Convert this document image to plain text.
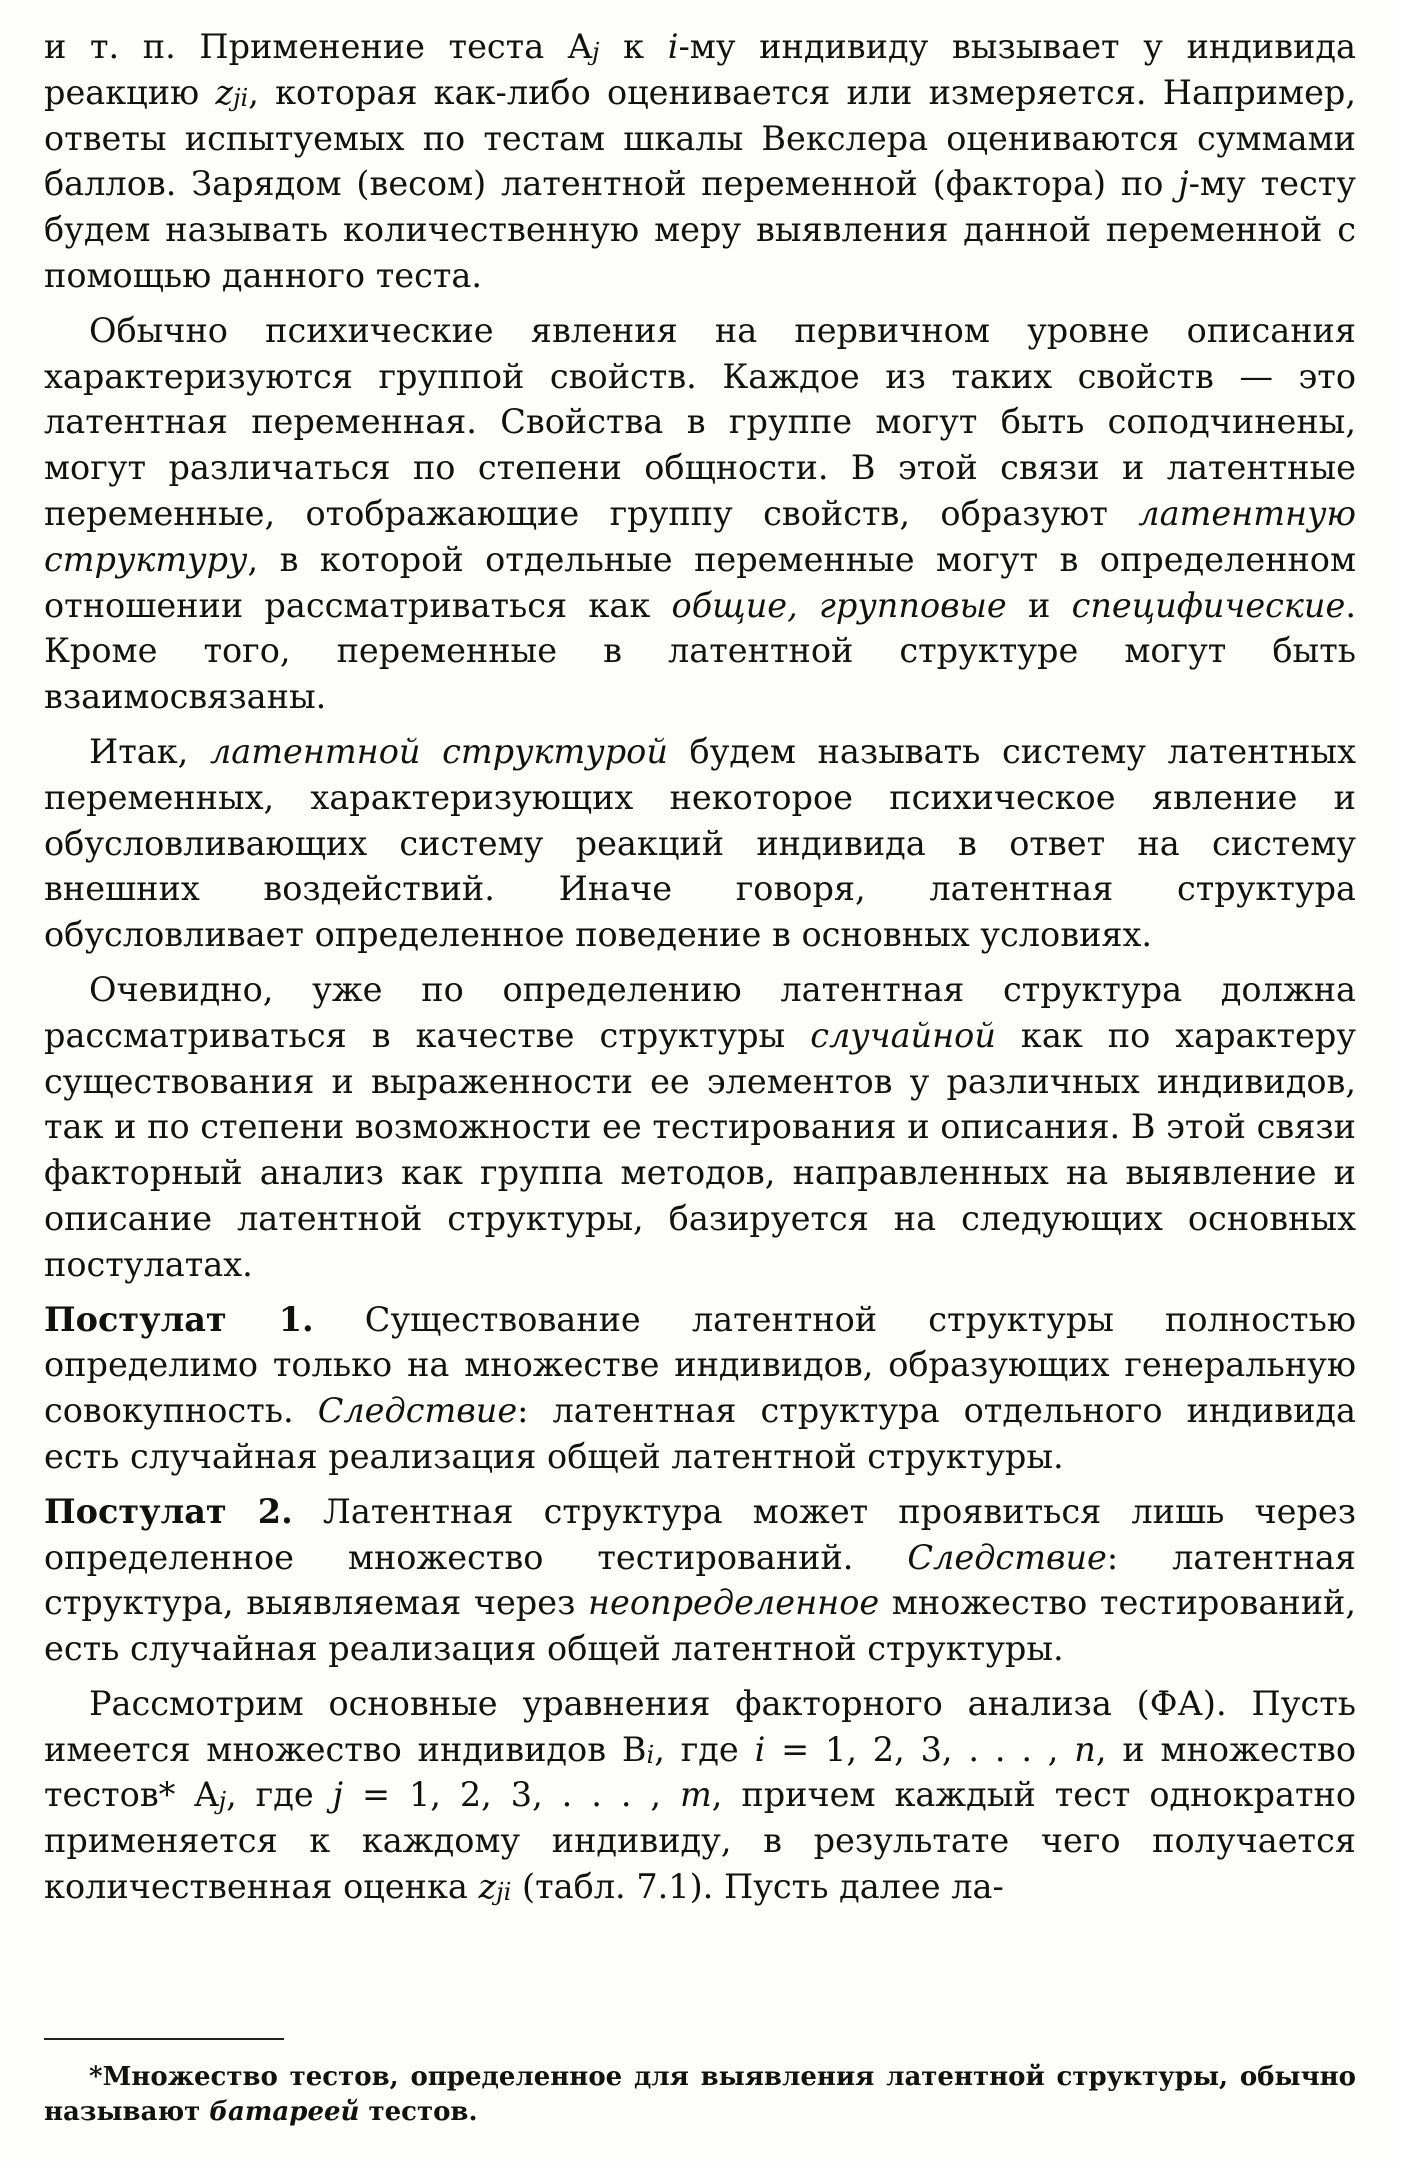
и т. п. Применение теста $A_j$ к i-му индивиду вызывает у индивида реакцию $z_{ji}$, которая как-либо оценивается или измеряется. Например, ответы испытуемых по тестам шкалы Векслера оцениваются суммами баллов. Зарядом (весом) латентной переменной (фактора) по j-му тесту будем называть количественную меру выявления данной переменной с помощью данного теста.

Обычно психические явления на первичном уровне описания характеризуются группой свойств. Каждое из таких свойств — это латентная переменная. Свойства в группе могут быть соподчинены, могут различаться по степени общности. В этой связи и латентные переменные, отображающие группу свойств, образуют латентную структуру, в которой отдельные переменные могут в определенном отношении рассматриваться как общие, групповые и специфические. Кроме того, переменные в латентной структуре могут быть взаимосвязаны.

Итак, латентной структурой будем называть систему латентных переменных, характеризующих некоторое психическое явление и обусловливающих систему реакций индивида в ответ на систему внешних воздействий. Иначе говоря, латентная структура обусловливает определенное поведение в основных условиях.

Очевидно, уже по определению латентная структура должна рассматриваться в качестве структуры случайной как по характеру существования и выраженности ее элементов у различных индивидов, так и по степени возможности ее тестирования и описания. В этой связи факторный анализ как группа методов, направленных на выявление и описание латентной структуры, базируется на следующих основных постулатах.

Постулат 1. Существование латентной структуры полностью определимо только на множестве индивидов, образующих генеральную совокупность. Следствие: латентная структура отдельного индивида есть случайная реализация общей латентной структуры.

Постулат 2. Латентная структура может проявиться лишь через определенное множество тестирований. Следствие: латентная структура, выявляемая через неопределенное множество тестирований, есть случайная реализация общей латентной структуры.

Рассмотрим основные уравнения факторного анализа (ФА). Пусть имеется множество индивидов $B_i$, где i = 1, 2, 3, . . . , n, и множество тестов* $A_j$, где j = 1, 2, 3, . . . , m, причем каждый тест однократно применяется к каждому индивиду, в результате чего получается количественная оценка $z_{ji}$ (табл. 7.1). Пусть далее ла-

*Множество тестов, определенное для выявления латентной структуры, обычно называют батареей тестов.
